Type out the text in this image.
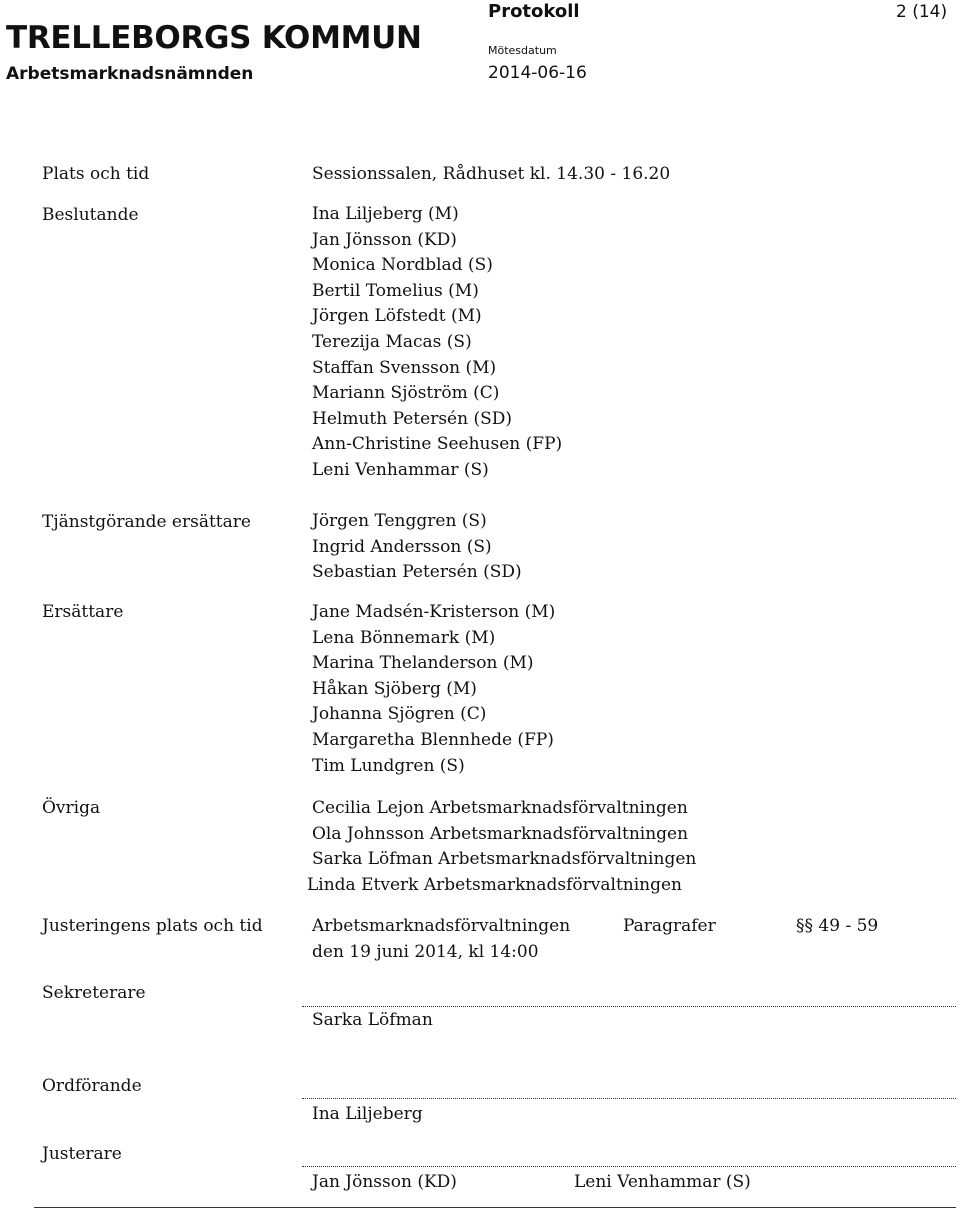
TRELLEBORGS KOMMUN
Arbetsmarknadsnämnden
Protokoll	2 (14)
Mötesdatum
2014-06-16
Plats och tid	Sessionssalen, Rådhuset kl. 14.30 - 16.20
Beslutande	Ina Liljeberg (M)
Jan Jönsson (KD)
Monica Nordblad (S)
Bertil Tomelius (M)
Jörgen Löfstedt (M)
Terezija Macas (S)
Staffan Svensson (M)
Mariann Sjöström (C)
Helmuth Petersén (SD)
Ann-Christine Seehusen (FP)
Leni Venhammar (S)
Tjänstgörande ersättare	Jörgen Tenggren (S)
Ingrid Andersson (S)
Sebastian Petersén (SD)
Ersättare	Jane Madsén-Kristerson (M)
Lena Bönnemark (M)
Marina Thelanderson (M)
Håkan Sjöberg (M)
Johanna Sjögren (C)
Margaretha Blennhede (FP)
Tim Lundgren (S)
Övriga	Cecilia Lejon Arbetsmarknadsförvaltningen
Ola Johnsson Arbetsmarknadsförvaltningen
Sarka Löfman Arbetsmarknadsförvaltningen
Linda Etverk Arbetsmarknadsförvaltningen
Justeringens plats och tid	Arbetsmarknadsförvaltningen
den 19 juni 2014, kl 14:00
Paragrafer	§§ 49 - 59
Sekreterare
Sarka Löfman
Ordförande
Ina Liljeberg
Justerare
Jan Jönsson (KD)	Leni Venhammar (S)
